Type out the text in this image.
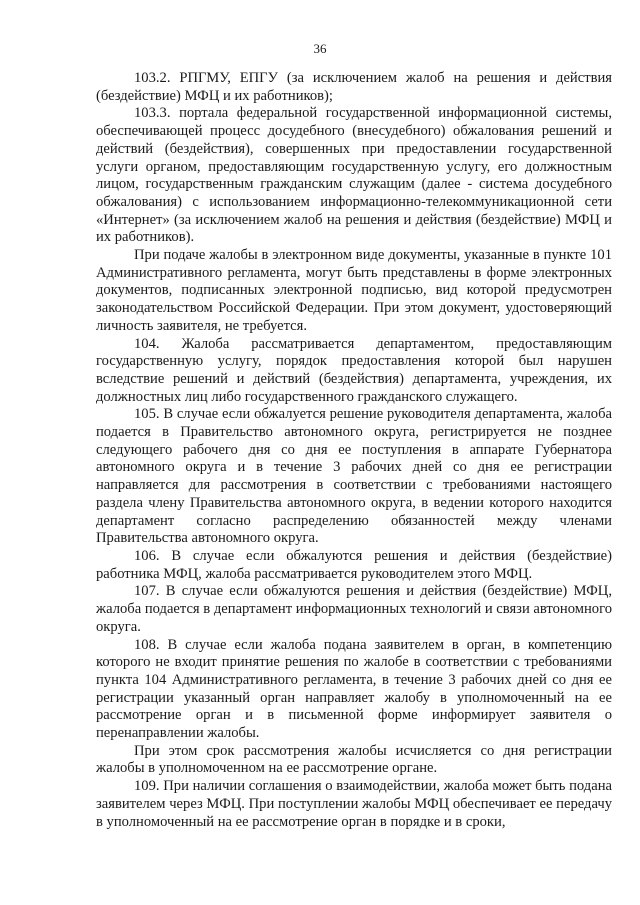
36

103.2. РПГМУ, ЕПГУ (за исключением жалоб на решения и действия (бездействие) МФЦ и их работников);

103.3. портала федеральной государственной информационной системы, обеспечивающей процесс досудебного (внесудебного) обжалования решений и действий (бездействия), совершенных при предоставлении государственной услуги органом, предоставляющим государственную услугу, его должностным лицом, государственным гражданским служащим (далее - система досудебного обжалования) с использованием информационно-телекоммуникационной сети «Интернет» (за исключением жалоб на решения и действия (бездействие) МФЦ и их работников).

При подаче жалобы в электронном виде документы, указанные в пункте 101 Административного регламента, могут быть представлены в форме электронных документов, подписанных электронной подписью, вид которой предусмотрен законодательством Российской Федерации. При этом документ, удостоверяющий личность заявителя, не требуется.

104. Жалоба рассматривается департаментом, предоставляющим государственную услугу, порядок предоставления которой был нарушен вследствие решений и действий (бездействия) департамента, учреждения, их должностных лиц либо государственного гражданского служащего.

105. В случае если обжалуется решение руководителя департамента, жалоба подается в Правительство автономного округа, регистрируется не позднее следующего рабочего дня со дня ее поступления в аппарате Губернатора автономного округа и в течение 3 рабочих дней со дня ее регистрации направляется для рассмотрения в соответствии с требованиями настоящего раздела члену Правительства автономного округа, в ведении которого находится департамент согласно распределению обязанностей между членами Правительства автономного округа.

106. В случае если обжалуются решения и действия (бездействие) работника МФЦ, жалоба рассматривается руководителем этого МФЦ.

107. В случае если обжалуются решения и действия (бездействие) МФЦ, жалоба подается в департамент информационных технологий и связи автономного округа.

108. В случае если жалоба подана заявителем в орган, в компетенцию которого не входит принятие решения по жалобе в соответствии с требованиями пункта 104 Административного регламента, в течение 3 рабочих дней со дня ее регистрации указанный орган направляет жалобу в уполномоченный на ее рассмотрение орган и в письменной форме информирует заявителя о перенаправлении жалобы.

При этом срок рассмотрения жалобы исчисляется со дня регистрации жалобы в уполномоченном на ее рассмотрение органе.

109. При наличии соглашения о взаимодействии, жалоба может быть подана заявителем через МФЦ. При поступлении жалобы МФЦ обеспечивает ее передачу в уполномоченный на ее рассмотрение орган в порядке и в сроки,
